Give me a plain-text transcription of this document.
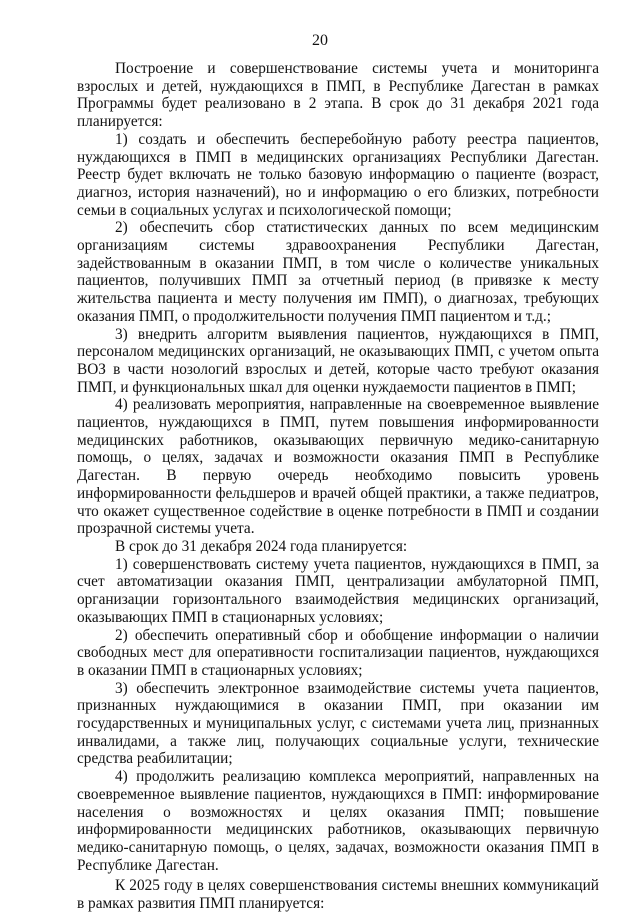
20

Построение и совершенствование системы учета и мониторинга взрослых и детей, нуждающихся в ПМП, в Республике Дагестан в рамках Программы будет реализовано в 2 этапа. В срок до 31 декабря 2021 года планируется:

1) создать и обеспечить бесперебойную работу реестра пациентов, нуждающихся в ПМП в медицинских организациях Республики Дагестан. Реестр будет включать не только базовую информацию о пациенте (возраст, диагноз, история назначений), но и информацию о его близких, потребности семьи в социальных услугах и психологической помощи;

2) обеспечить сбор статистических данных по всем медицинским организациям системы здравоохранения Республики Дагестан, задействованным в оказании ПМП, в том числе о количестве уникальных пациентов, получивших ПМП за отчетный период (в привязке к месту жительства пациента и месту получения им ПМП), о диагнозах, требующих оказания ПМП, о продолжительности получения ПМП пациентом и т.д.;

3) внедрить алгоритм выявления пациентов, нуждающихся в ПМП, персоналом медицинских организаций, не оказывающих ПМП, с учетом опыта ВОЗ в части нозологий взрослых и детей, которые часто требуют оказания ПМП, и функциональных шкал для оценки нуждаемости пациентов в ПМП;

4) реализовать мероприятия, направленные на своевременное выявление пациентов, нуждающихся в ПМП, путем повышения информированности медицинских работников, оказывающих первичную медико-санитарную помощь, о целях, задачах и возможности оказания ПМП в Республике Дагестан. В первую очередь необходимо повысить уровень информированности фельдшеров и врачей общей практики, а также педиатров, что окажет существенное содействие в оценке потребности в ПМП и создании прозрачной системы учета.

В срок до 31 декабря 2024 года планируется:

1) совершенствовать систему учета пациентов, нуждающихся в ПМП, за счет автоматизации оказания ПМП, централизации амбулаторной ПМП, организации горизонтального взаимодействия медицинских организаций, оказывающих ПМП в стационарных условиях;

2) обеспечить оперативный сбор и обобщение информации о наличии свободных мест для оперативности госпитализации пациентов, нуждающихся в оказании ПМП в стационарных условиях;

3) обеспечить электронное взаимодействие системы учета пациентов, признанных нуждающимися в оказании ПМП, при оказании им государственных и муниципальных услуг, с системами учета лиц, признанных инвалидами, а также лиц, получающих социальные услуги, технические средства реабилитации;

4) продолжить реализацию комплекса мероприятий, направленных на своевременное выявление пациентов, нуждающихся в ПМП: информирование населения о возможностях и целях оказания ПМП; повышение информированности медицинских работников, оказывающих первичную медико-санитарную помощь, о целях, задачах, возможности оказания ПМП в Республике Дагестан.

К 2025 году в целях совершенствования системы внешних коммуникаций в рамках развития ПМП планируется:
